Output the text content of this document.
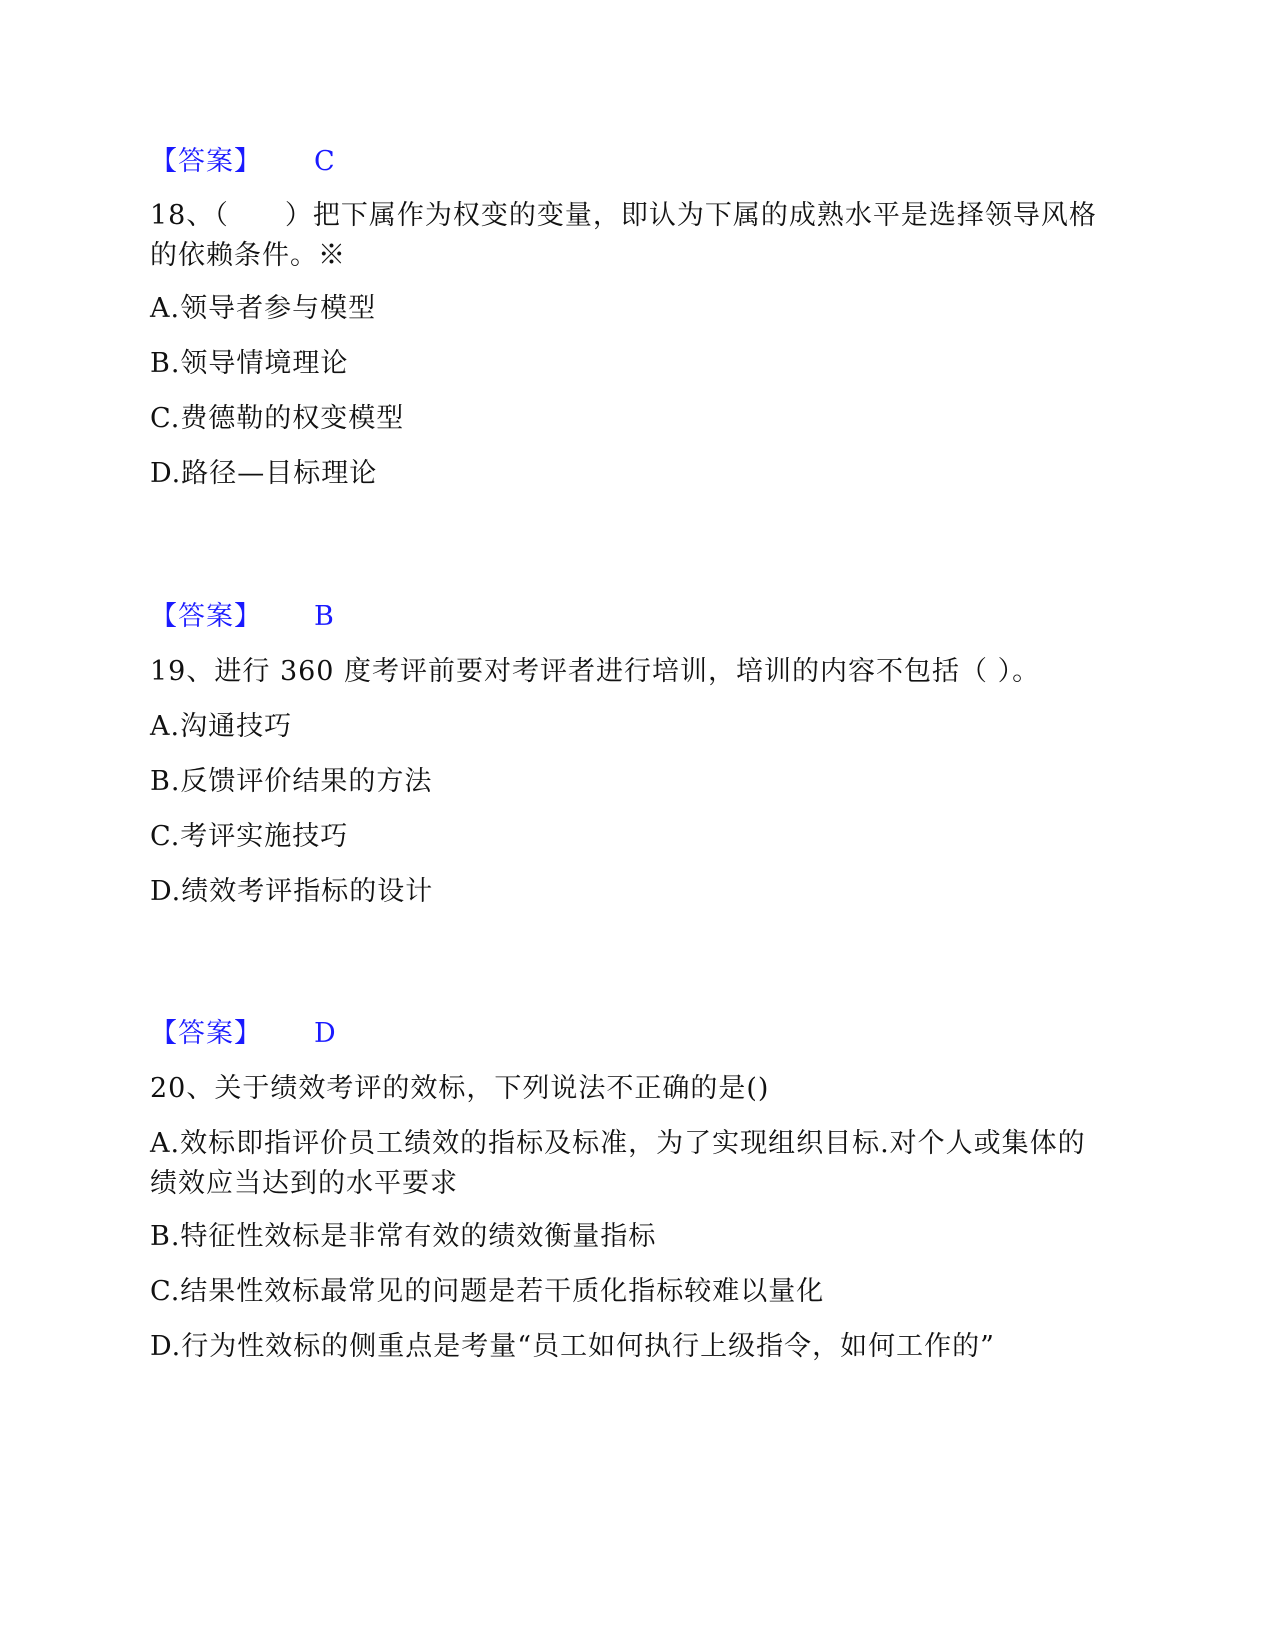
【答案】 C
18、（　　）把下属作为权变的变量，即认为下属的成熟水平是选择领导风格的依赖条件。※
A.领导者参与模型
B.领导情境理论
C.费德勒的权变模型
D.路径—目标理论
【答案】 B
19、进行 360 度考评前要对考评者进行培训，培训的内容不包括（ ）。
A.沟通技巧
B.反馈评价结果的方法
C.考评实施技巧
D.绩效考评指标的设计
【答案】 D
20、关于绩效考评的效标，下列说法不正确的是()
A.效标即指评价员工绩效的指标及标准，为了实现组织目标.对个人或集体的绩效应当达到的水平要求
B.特征性效标是非常有效的绩效衡量指标
C.结果性效标最常见的问题是若干质化指标较难以量化
D.行为性效标的侧重点是考量“员工如何执行上级指令，如何工作的”
